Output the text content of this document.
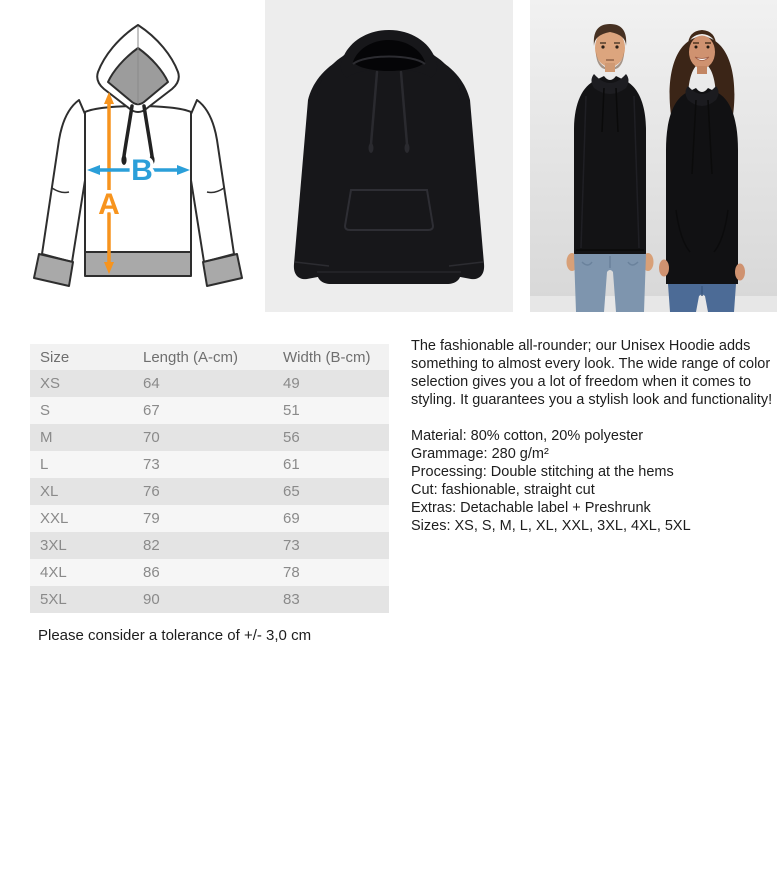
A
B
Size	Length (A-cm)	Width (B-cm)
XS	64	49
S	67	51
M	70	56
L	73	61
XL	76	65
XXL	79	69
3XL	82	73
4XL	86	78
5XL	90	83

The fashionable all-rounder; our Unisex Hoodie adds something to almost every look. The wide range of color selection gives you a lot of freedom when it comes to styling. It guarantees you a stylish look and functionality!

Material: 80% cotton, 20% polyester
Grammage: 280 g/m²
Processing: Double stitching at the hems
Cut: fashionable, straight cut
Extras: Detachable label + Preshrunk
Sizes: XS, S, M, L, XL, XXL, 3XL, 4XL, 5XL
Please consider a tolerance of +/- 3,0 cm
